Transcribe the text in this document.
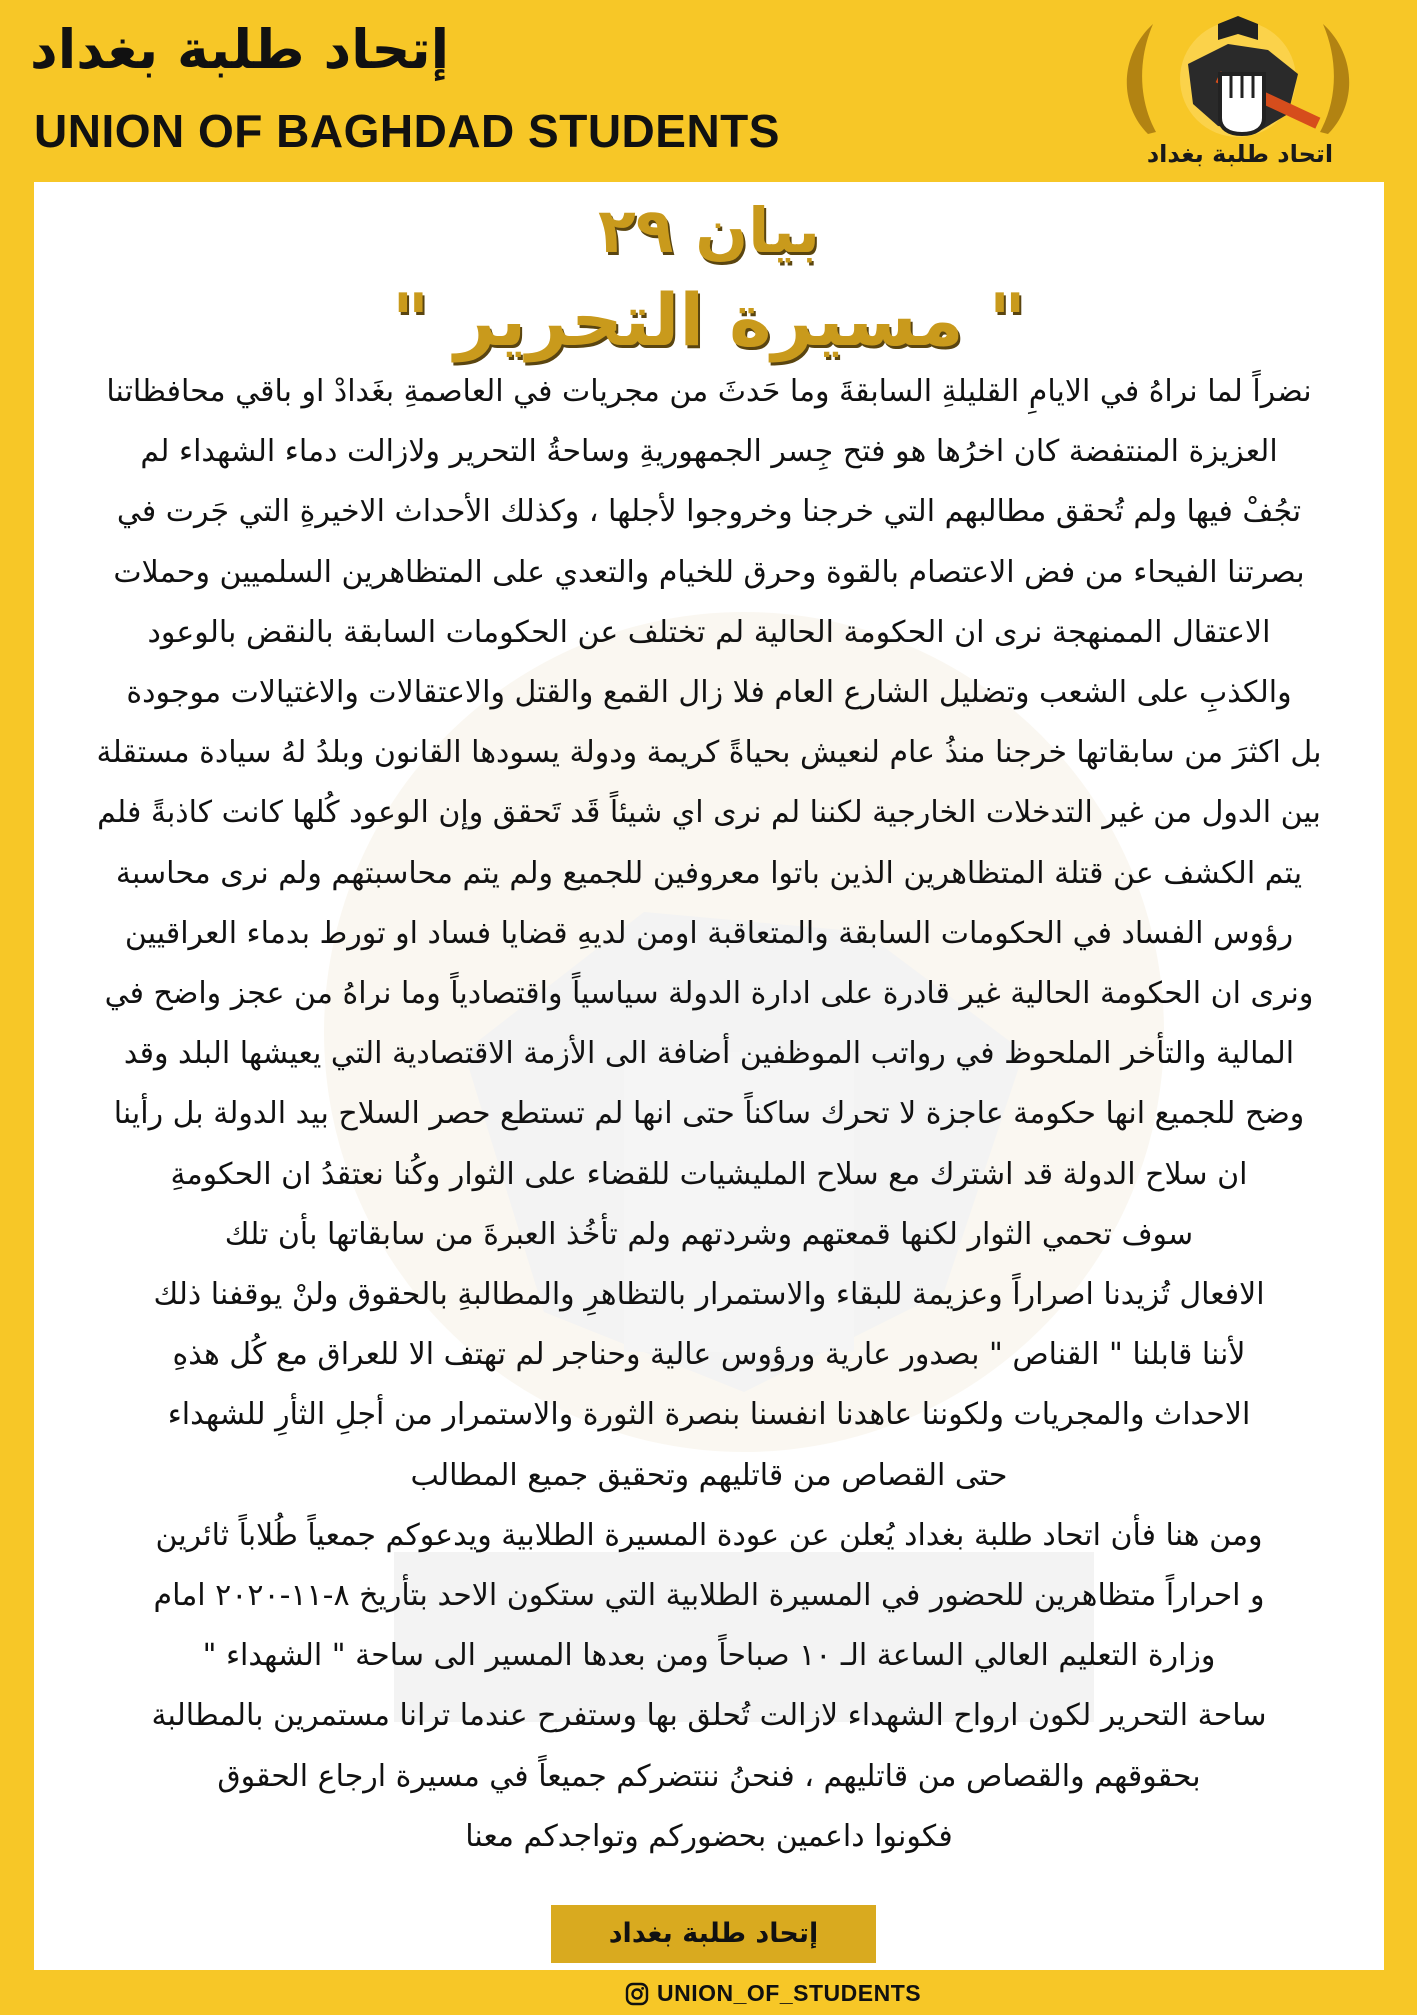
إتحاد طلبة بغداد
UNION OF BAGHDAD STUDENTS	اتحاد طلبة بغداد
بيان ٢٩
" مسيرة التحرير "
نضراً لما نراهُ في الايامِ القليلةِ السابقةَ وما حَدثَ من مجريات في العاصمةِ بغَدادْ او باقي محافظاتنا
العزيزة المنتفضة كان اخرُها هو فتح جِسر الجمهوريةِ وساحةُ التحرير ولازالت دماء الشهداء لم
تجُفْ فيها ولم تُحقق مطالبهم التي خرجنا وخروجوا لأجلها ، وكذلك الأحداث الاخيرةِ التي جَرت في
بصرتنا الفيحاء من فض الاعتصام بالقوة وحرق للخيام والتعدي على المتظاهرين السلميين وحملات
الاعتقال الممنهجة نرى ان الحكومة الحالية لم تختلف عن الحكومات السابقة بالنقض بالوعود
والكذبِ على الشعب وتضليل الشارع العام فلا زال القمع والقتل والاعتقالات والاغتيالات موجودة
بل اكثرَ من سابقاتها خرجنا منذُ عام لنعيش بحياةً كريمة ودولة يسودها القانون وبلدُ لهُ سيادة مستقلة
بين الدول من غير التدخلات الخارجية لكننا لم نرى اي شيئاً قَد تَحقق وإن الوعود كُلها كانت كاذبةً فلم
يتم الكشف عن قتلة المتظاهرين الذين باتوا معروفين للجميع ولم يتم محاسبتهم ولم نرى محاسبة
رؤوس الفساد في الحكومات السابقة والمتعاقبة اومن لديهِ قضايا فساد او تورط بدماء العراقيين
ونرى ان الحكومة الحالية غير قادرة على ادارة الدولة سياسياً واقتصادياً وما نراهُ من عجز واضح في
المالية والتأخر الملحوظ في رواتب الموظفين أضافة الى الأزمة الاقتصادية التي يعيشها البلد وقد
وضح للجميع انها حكومة عاجزة لا تحرك ساكناً حتى انها لم تستطع حصر السلاح بيد الدولة بل رأينا
ان سلاح الدولة قد اشترك مع سلاح المليشيات للقضاء على الثوار وكُنا نعتقدُ ان الحكومةِ
سوف تحمي الثوار لكنها قمعتهم وشردتهم ولم تأخُذ العبرةَ من سابقاتها بأن تلك
الافعال تُزيدنا اصراراً وعزيمة للبقاء والاستمرار بالتظاهرِ والمطالبةِ بالحقوق ولنْ يوقفنا ذلك
لأننا قابلنا " القناص " بصدور عارية ورؤوس عالية وحناجر لم تهتف الا للعراق مع كُل هذهِ
الاحداث والمجريات ولكوننا عاهدنا انفسنا بنصرة الثورة والاستمرار من أجلِ الثأرِ للشهداء
حتى القصاص من قاتليهم وتحقيق جميع المطالب
ومن هنا فأن اتحاد طلبة بغداد يُعلن عن عودة المسيرة الطلابية ويدعوكم جمعياً طُلاباً ثائرين
و احراراً متظاهرين للحضور في المسيرة الطلابية التي ستكون الاحد بتأريخ ٨-١١-٢٠٢٠ امام
وزارة التعليم العالي الساعة الـ ١٠ صباحاً ومن بعدها المسير الى ساحة " الشهداء "
ساحة التحرير لكون ارواح الشهداء لازالت تُحلق بها وستفرح عندما ترانا مستمرين بالمطالبة
بحقوقهم والقصاص من قاتليهم ، فنحنُ ننتضركم جميعاً في مسيرة ارجاع الحقوق
فكونوا داعمين بحضوركم وتواجدكم معنا
إتحاد طلبة بغداد
UNION_OF_STUDENTS
